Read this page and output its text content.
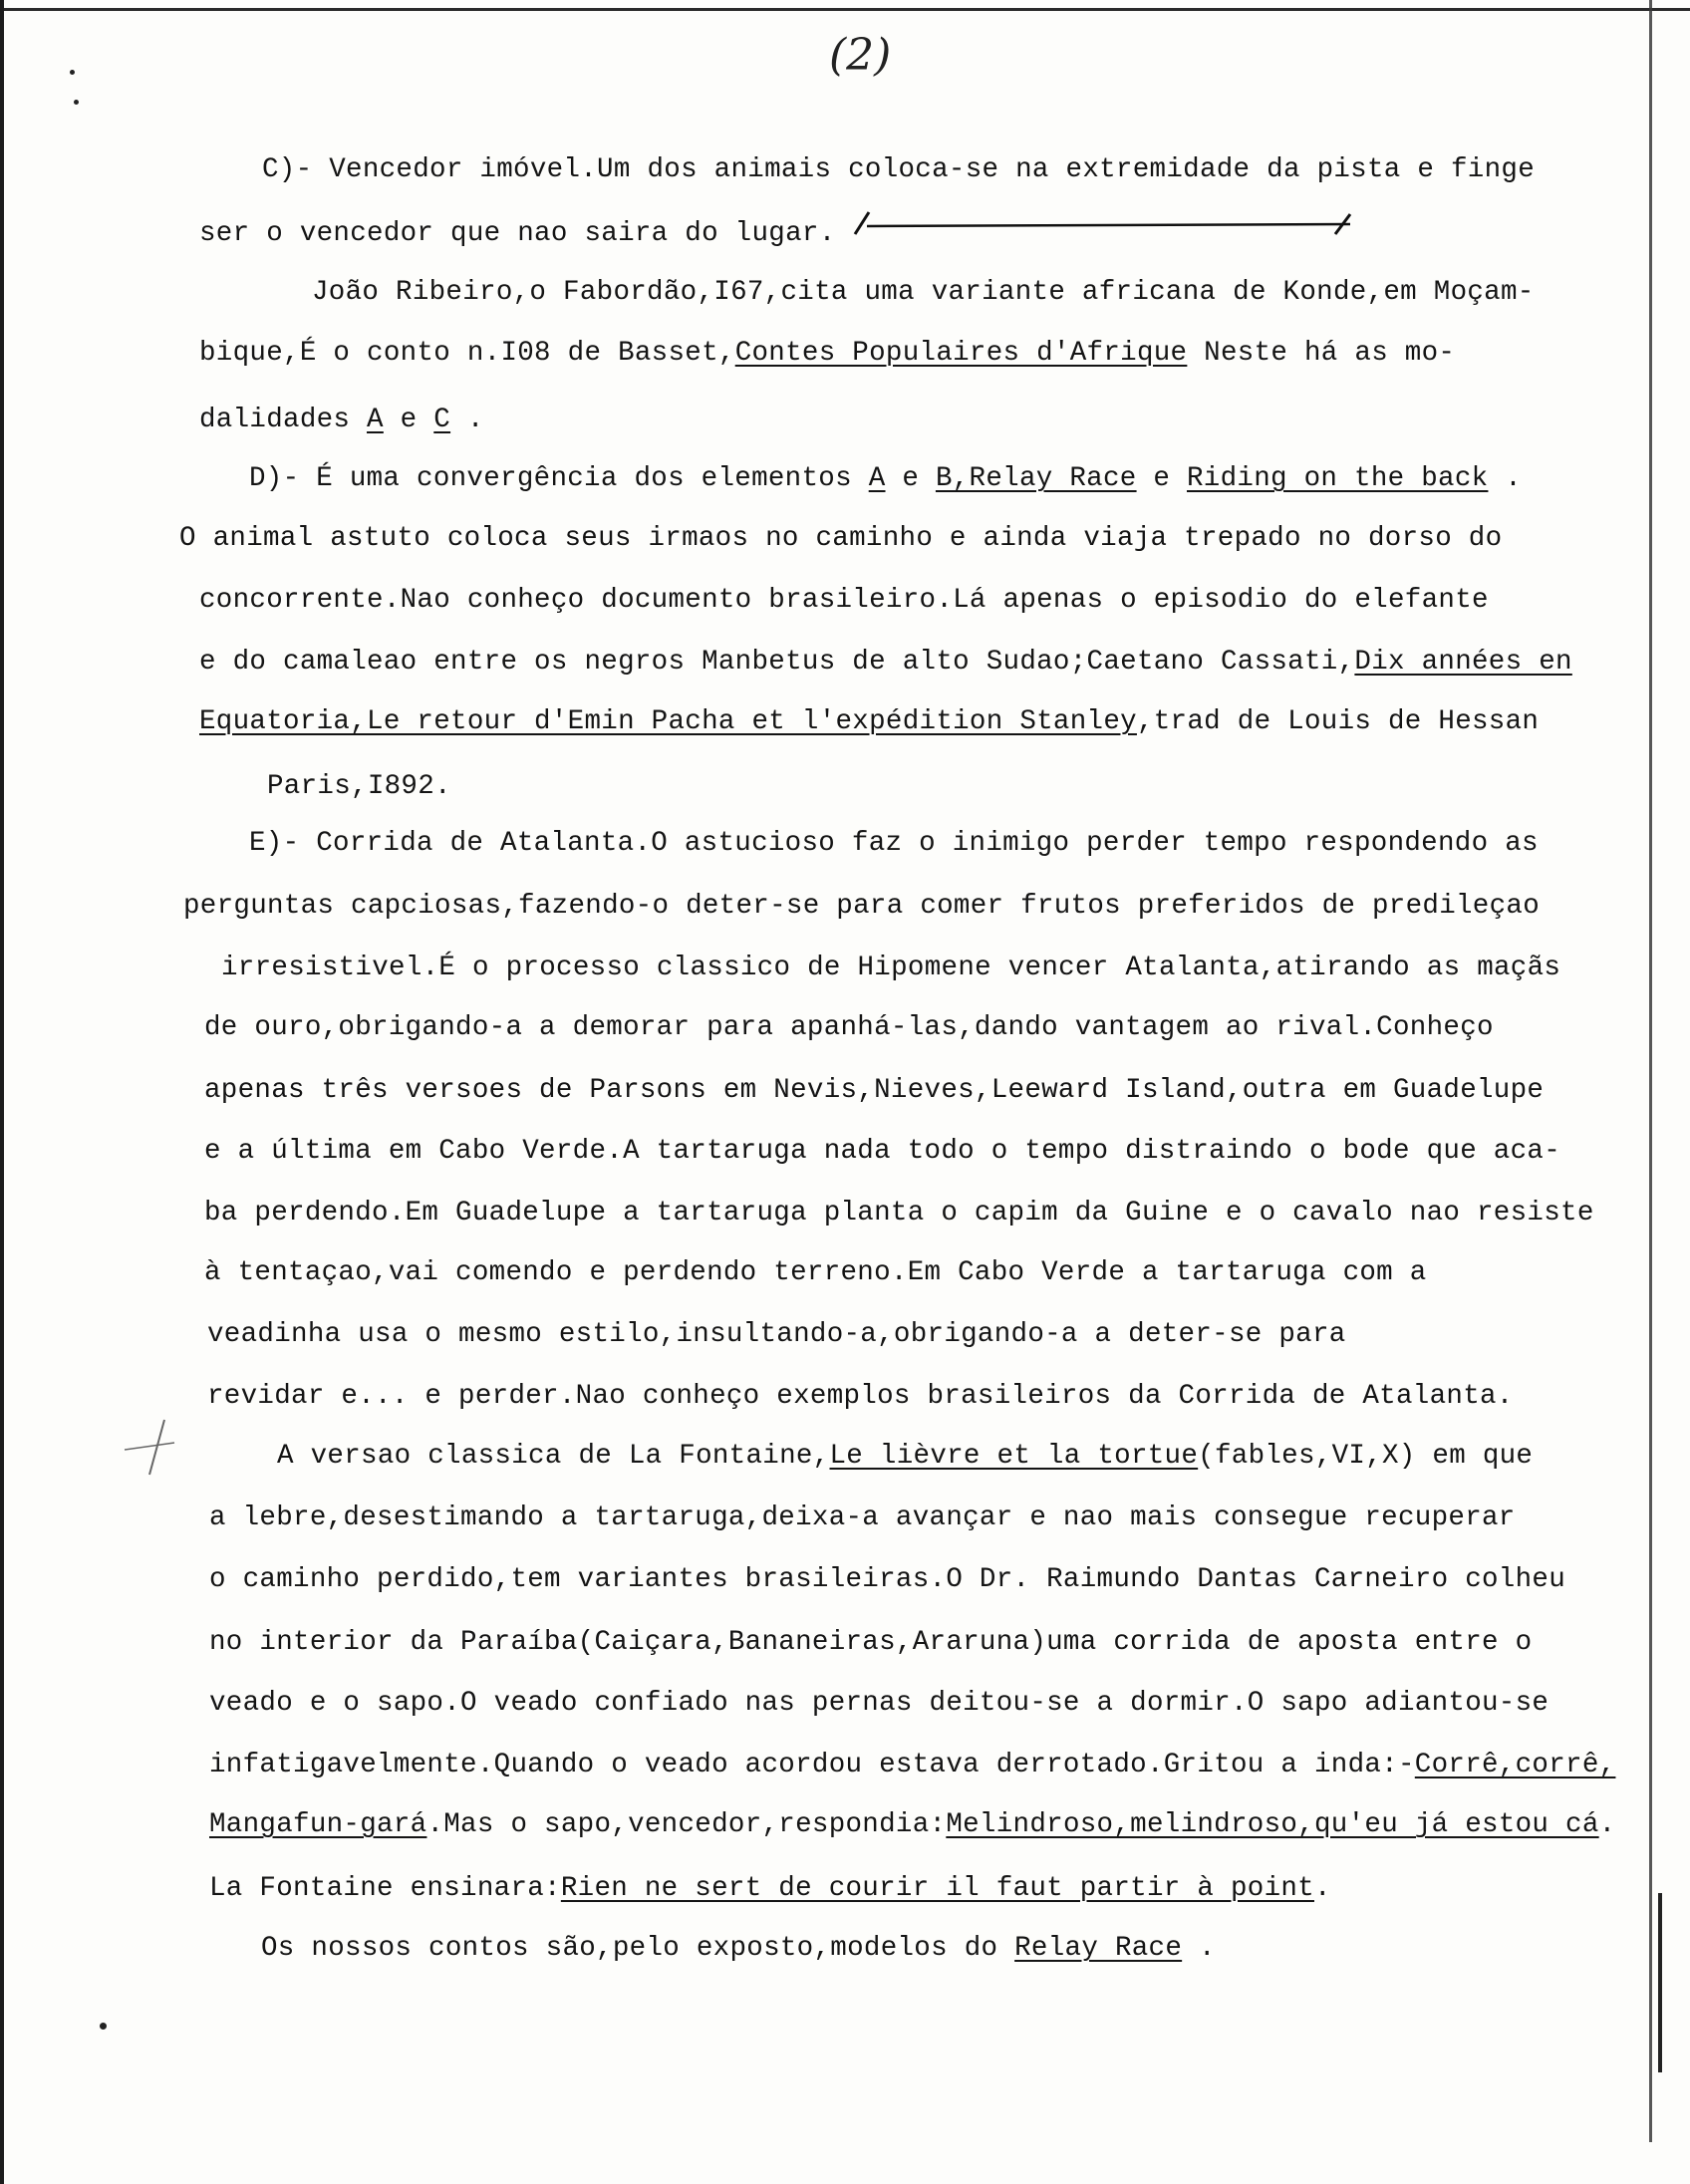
(2)
C)- Vencedor imóvel.Um dos animais coloca-se na extremidade da pista e finge
ser o vencedor que nao saira do lugar.
João Ribeiro,o Fabordão,I67,cita uma variante africana de Konde,em Moçam-
bique,É o conto n.I08 de Basset,Contes Populaires d'Afrique Neste há as mo-
dalidades A e C .
D)- É uma convergência dos elementos A e B,Relay Race e Riding on the back .
O animal astuto coloca seus irmaos no caminho e ainda viaja trepado no dorso do
concorrente.Nao conheço documento brasileiro.Lá apenas o episodio do elefante
e do camaleao entre os negros Manbetus de alto Sudao;Caetano Cassati,Dix années en
Equatoria,Le retour d'Emin Pacha et l'expédition Stanley,trad de Louis de Hessan
Paris,I892.
E)- Corrida de Atalanta.O astucioso faz o inimigo perder tempo respondendo as
perguntas capciosas,fazendo-o deter-se para comer frutos preferidos de predileçao
irresistivel.É o processo classico de Hipomene vencer Atalanta,atirando as maçãs
de ouro,obrigando-a a demorar para apanhá-las,dando vantagem ao rival.Conheço
apenas três versoes de Parsons em Nevis,Nieves,Leeward Island,outra em Guadelupe
e a última em Cabo Verde.A tartaruga nada todo o tempo distraindo o bode que aca-
ba perdendo.Em Guadelupe a tartaruga planta o capim da Guine e o cavalo nao resiste
à tentaçao,vai comendo e perdendo terreno.Em Cabo Verde a tartaruga com a
veadinha usa o mesmo estilo,insultando-a,obrigando-a a deter-se para
revidar e... e perder.Nao conheço exemplos brasileiros da Corrida de Atalanta.
A versao classica de La Fontaine,Le lièvre et la tortue(fables,VI,X) em que
a lebre,desestimando a tartaruga,deixa-a avançar e nao mais consegue recuperar
o caminho perdido,tem variantes brasileiras.O Dr. Raimundo Dantas Carneiro colheu
no interior da Paraíba(Caiçara,Bananeiras,Araruna)uma corrida de aposta entre o
veado e o sapo.O veado confiado nas pernas deitou-se a dormir.O sapo adiantou-se
infatigavelmente.Quando o veado acordou estava derrotado.Gritou a inda:-Corrê,corrê,
Mangafun-gará.Mas o sapo,vencedor,respondia:Melindroso,melindroso,qu'eu já estou cá.
La Fontaine ensinara:Rien ne sert de courir il faut partir à point.
Os nossos contos são,pelo exposto,modelos do Relay Race .
